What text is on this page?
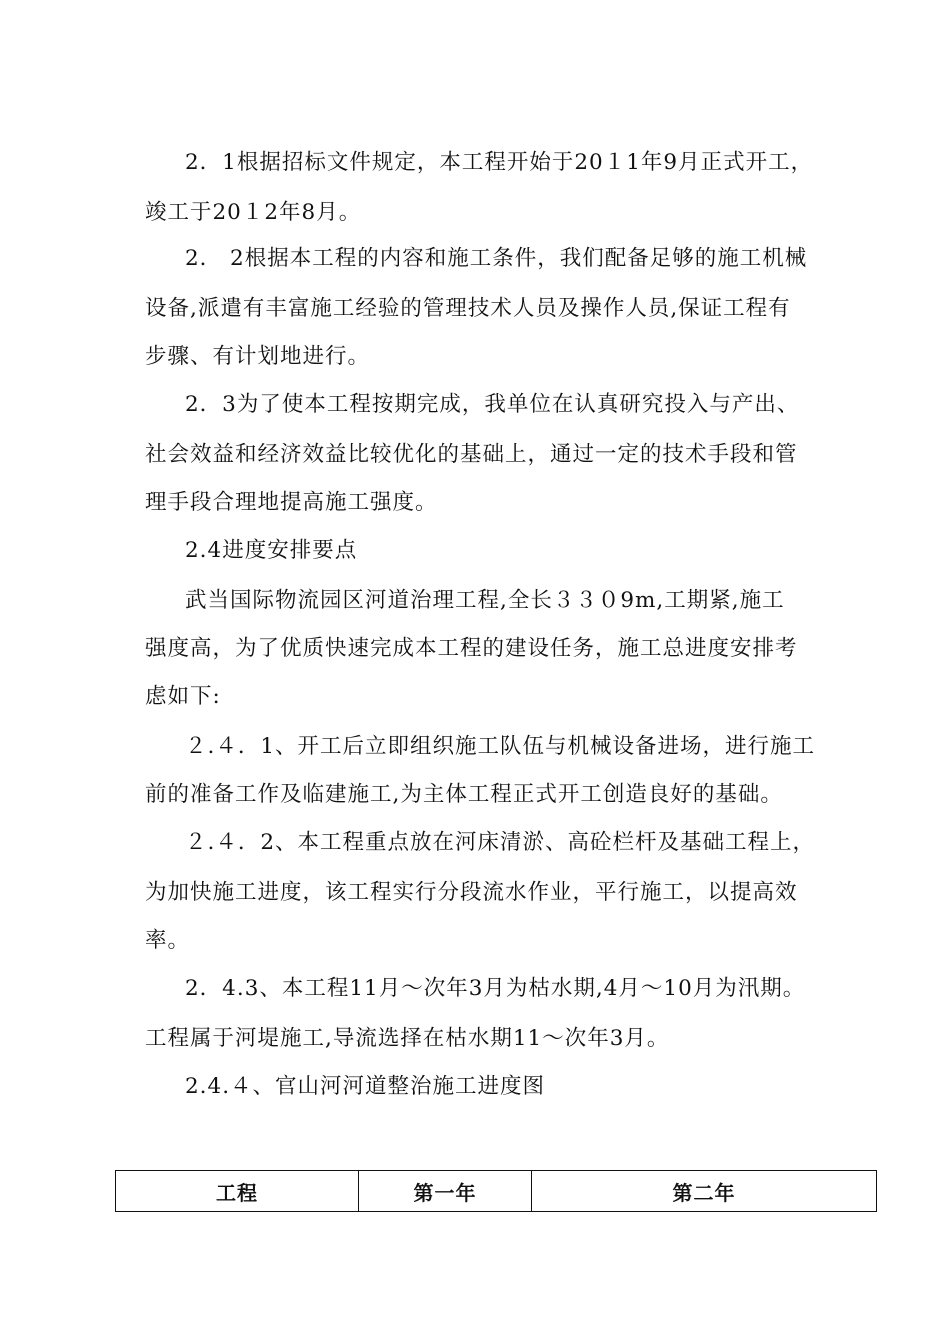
2．1根据招标文件规定，本工程开始于20１1年9月正式开工，
竣工于20１2年8月。
2． 2根据本工程的内容和施工条件，我们配备足够的施工机械
设备,派遣有丰富施工经验的管理技术人员及操作人员,保证工程有
步骤、有计划地进行。
2．3为了使本工程按期完成，我单位在认真研究投入与产出、
社会效益和经济效益比较优化的基础上，通过一定的技术手段和管
理手段合理地提高施工强度。
2.4进度安排要点
武当国际物流园区河道治理工程,全长３３０9m,工期紧,施工
强度高，为了优质快速完成本工程的建设任务，施工总进度安排考
虑如下:
２.４．1、开工后立即组织施工队伍与机械设备进场，进行施工
前的准备工作及临建施工,为主体工程正式开工创造良好的基础。
２.４．2、本工程重点放在河床清淤、高砼栏杆及基础工程上，
为加快施工进度，该工程实行分段流水作业，平行施工，以提高效
率。
2．4.3、本工程11月～次年3月为枯水期,4月～10月为汛期。
工程属于河堤施工,导流选择在枯水期11～次年3月。
2.4.４、官山河河道整治施工进度图
工程	第一年	第二年
